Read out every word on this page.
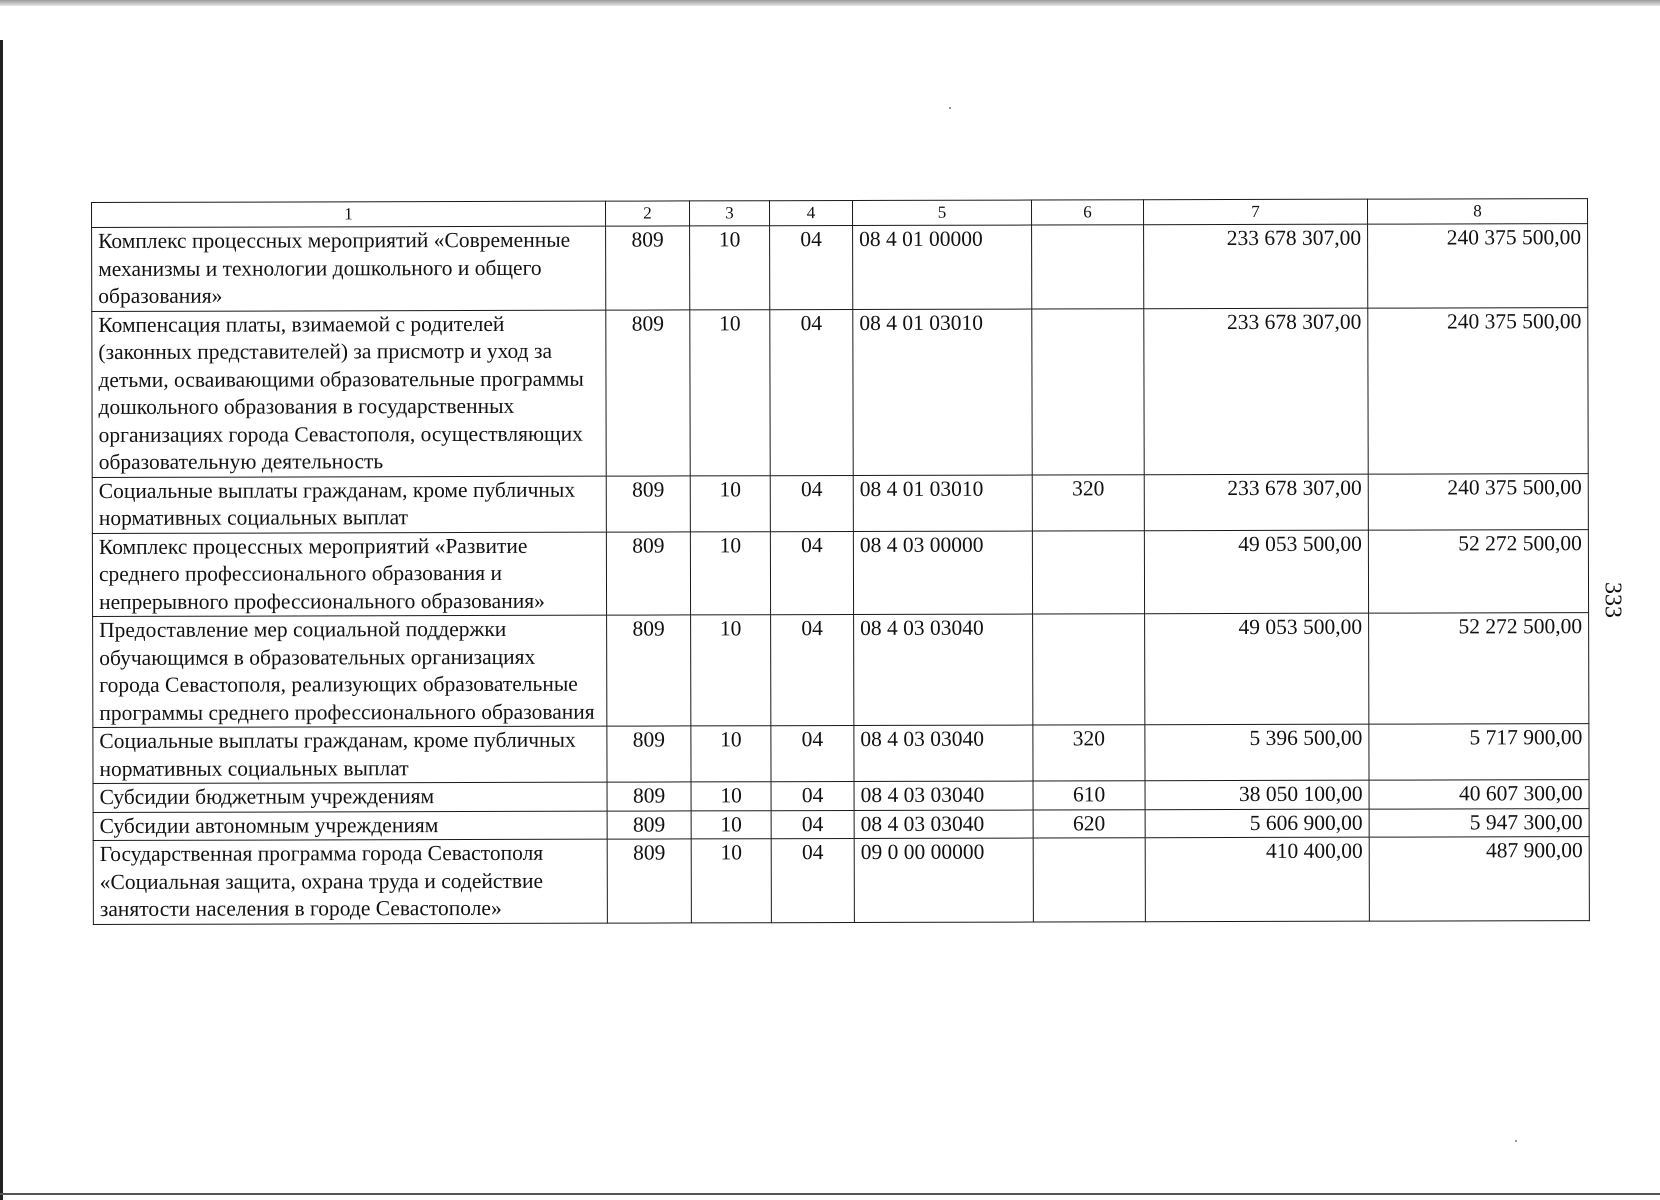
1	2	3	4	5	6	7	8
Комплекс процессных мероприятий «Современные механизмы и технологии дошкольного и общего образования»	809	10	04	08 4 01 00000		233 678 307,00	240 375 500,00
Компенсация платы, взимаемой с родителей (законных представителей) за присмотр и уход за детьми, осваивающими образовательные программы дошкольного образования в государственных организациях города Севастополя, осуществляющих образовательную деятельность	809	10	04	08 4 01 03010		233 678 307,00	240 375 500,00
Социальные выплаты гражданам, кроме публичных нормативных социальных выплат	809	10	04	08 4 01 03010	320	233 678 307,00	240 375 500,00
Комплекс процессных мероприятий «Развитие среднего профессионального образования и непрерывного профессионального образования»	809	10	04	08 4 03 00000		49 053 500,00	52 272 500,00
Предоставление мер социальной поддержки обучающимся в образовательных организациях города Севастополя, реализующих образовательные программы среднего профессионального образования	809	10	04	08 4 03 03040		49 053 500,00	52 272 500,00
Социальные выплаты гражданам, кроме публичных нормативных социальных выплат	809	10	04	08 4 03 03040	320	5 396 500,00	5 717 900,00
Субсидии бюджетным учреждениям	809	10	04	08 4 03 03040	610	38 050 100,00	40 607 300,00
Субсидии автономным учреждениям	809	10	04	08 4 03 03040	620	5 606 900,00	5 947 300,00
Государственная программа города Севастополя «Социальная защита, охрана труда и содействие занятости населения в городе Севастополе»	809	10	04	09 0 00 00000		410 400,00	487 900,00
333
